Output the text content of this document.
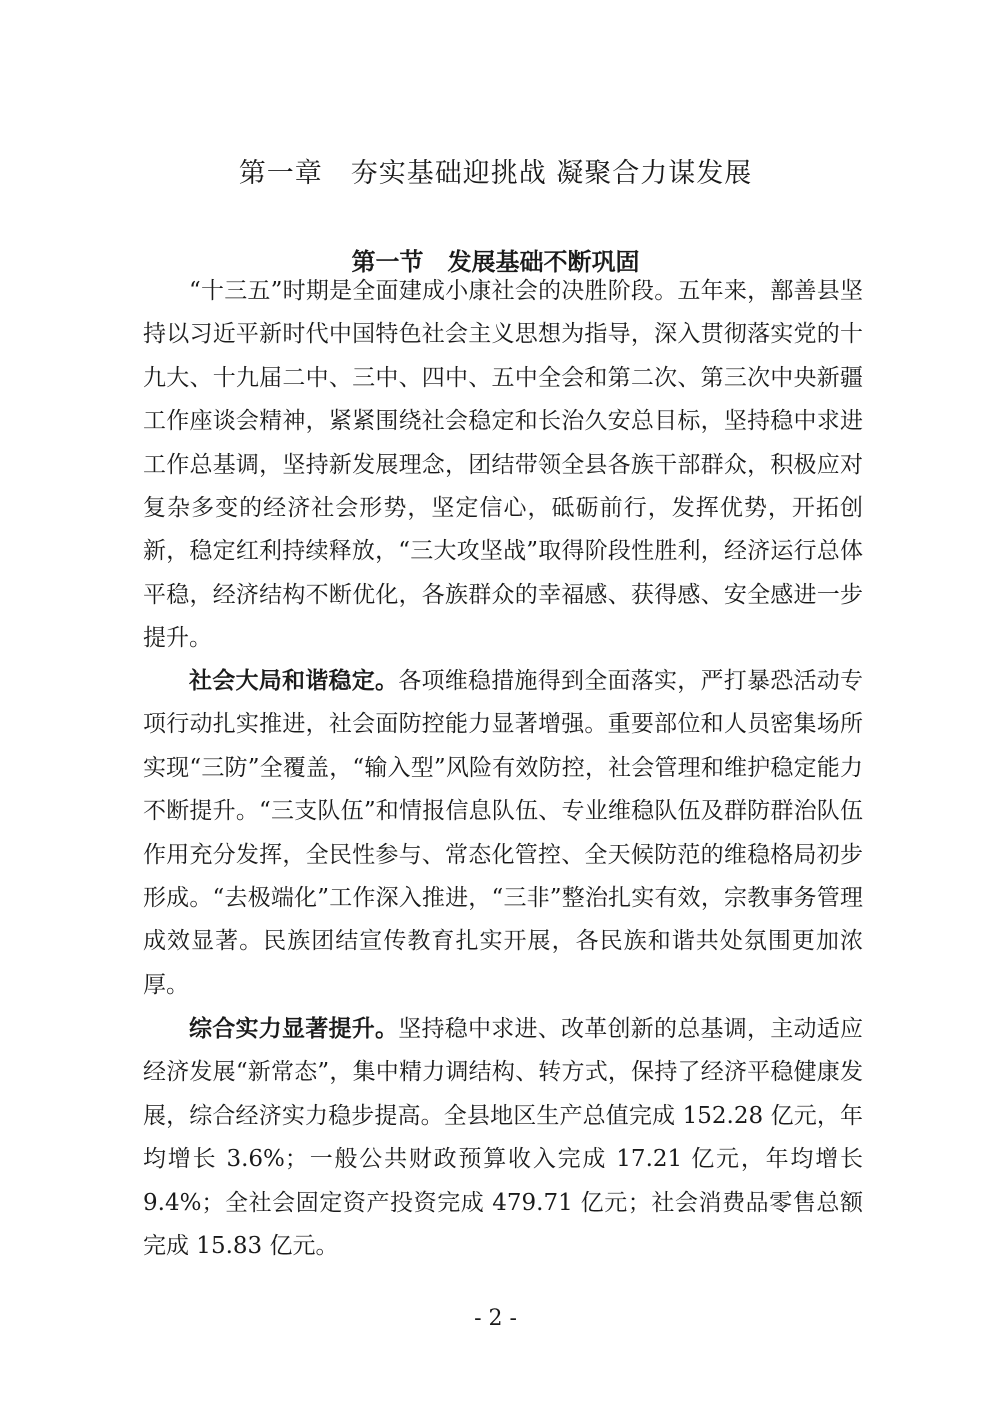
第一章　夯实基础迎挑战 凝聚合力谋发展
第一节　发展基础不断巩固

“十三五”时期是全面建成小康社会的决胜阶段。五年来，鄯善县坚持以习近平新时代中国特色社会主义思想为指导，深入贯彻落实党的十九大、十九届二中、三中、四中、五中全会和第二次、第三次中央新疆工作座谈会精神，紧紧围绕社会稳定和长治久安总目标，坚持稳中求进工作总基调，坚持新发展理念，团结带领全县各族干部群众，积极应对复杂多变的经济社会形势，坚定信心，砥砺前行，发挥优势，开拓创新，稳定红利持续释放，“三大攻坚战”取得阶段性胜利，经济运行总体平稳，经济结构不断优化，各族群众的幸福感、获得感、安全感进一步提升。

社会大局和谐稳定。各项维稳措施得到全面落实，严打暴恐活动专项行动扎实推进，社会面防控能力显著增强。重要部位和人员密集场所实现“三防”全覆盖，“输入型”风险有效防控，社会管理和维护稳定能力不断提升。“三支队伍”和情报信息队伍、专业维稳队伍及群防群治队伍作用充分发挥，全民性参与、常态化管控、全天候防范的维稳格局初步形成。“去极端化”工作深入推进，“三非”整治扎实有效，宗教事务管理成效显著。民族团结宣传教育扎实开展，各民族和谐共处氛围更加浓厚。

综合实力显著提升。坚持稳中求进、改革创新的总基调，主动适应经济发展“新常态”，集中精力调结构、转方式，保持了经济平稳健康发展，综合经济实力稳步提高。全县地区生产总值完成 152.28 亿元，年均增长 3.6%；一般公共财政预算收入完成 17.21 亿元，年均增长 9.4%；全社会固定资产投资完成 479.71 亿元；社会消费品零售总额完成 15.83 亿元。

- 2 -
